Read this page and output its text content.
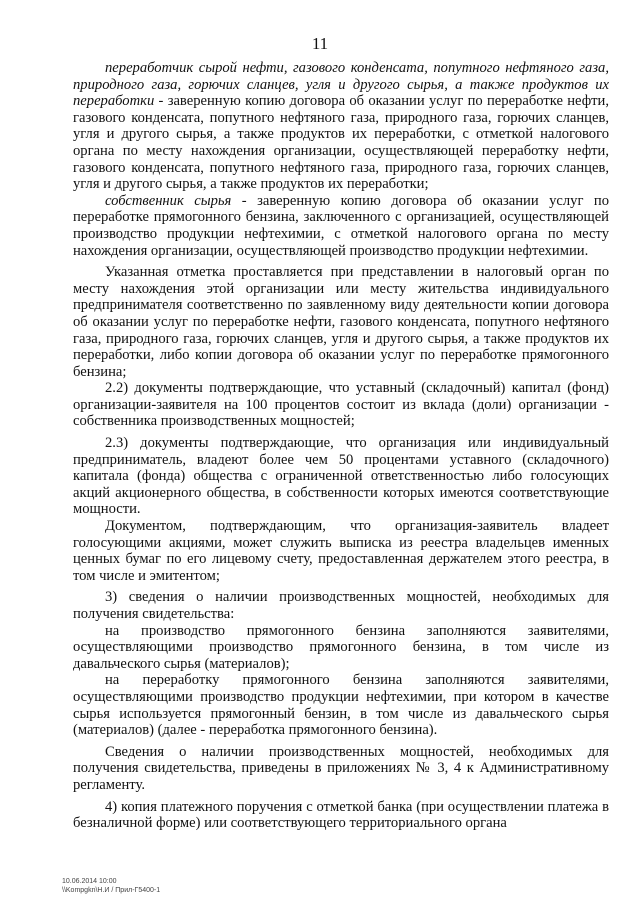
11

переработчик сырой нефти, газового конденсата, попутного нефтяного газа, природного газа, горючих сланцев, угля и другого сырья, а также продуктов их переработки - заверенную копию договора об оказании услуг по переработке нефти, газового конденсата, попутного нефтяного газа, природного газа, горючих сланцев, угля и другого сырья, а также продуктов их переработки, с отметкой налогового органа по месту нахождения организации, осуществляющей переработку нефти, газового конденсата, попутного нефтяного газа, природного газа, горючих сланцев, угля и другого сырья, а также продуктов их переработки;

собственник сырья - заверенную копию договора об оказании услуг по переработке прямогонного бензина, заключенного с организацией, осуществляющей производство продукции нефтехимии, с отметкой налогового органа по месту нахождения организации, осуществляющей производство продукции нефтехимии.

Указанная отметка проставляется при представлении в налоговый орган по месту нахождения этой организации или месту жительства индивидуального предпринимателя соответственно по заявленному виду деятельности копии договора об оказании услуг по переработке нефти, газового конденсата, попутного нефтяного газа, природного газа, горючих сланцев, угля и другого сырья, а также продуктов их переработки, либо копии договора об оказании услуг по переработке прямогонного бензина;

2.2) документы подтверждающие, что уставный (складочный) капитал (фонд) организации-заявителя на 100 процентов состоит из вклада (доли) организации - собственника производственных мощностей;

2.3) документы подтверждающие, что организация или индивидуальный предприниматель, владеют более чем 50 процентами уставного (складочного) капитала (фонда) общества с ограниченной ответственностью либо голосующих акций акционерного общества, в собственности которых имеются соответствующие мощности.

Документом, подтверждающим, что организация-заявитель владеет голосующими акциями, может служить выписка из реестра владельцев именных ценных бумаг по его лицевому счету, предоставленная держателем этого реестра, в том числе и эмитентом;

3) сведения о наличии производственных мощностей, необходимых для получения свидетельства:

на производство прямогонного бензина заполняются заявителями, осуществляющими производство прямогонного бензина, в том числе из давальческого сырья (материалов);

на переработку прямогонного бензина заполняются заявителями, осуществляющими производство продукции нефтехимии, при котором в качестве сырья используется прямогонный бензин, в том числе из давальческого сырья (материалов) (далее - переработка прямогонного бензина).

Сведения о наличии производственных мощностей, необходимых для получения свидетельства, приведены в приложениях № 3, 4 к Административному регламенту.

4) копия платежного поручения с отметкой банка (при осуществлении платежа в безналичной форме) или соответствующего территориального органа

10.06.2014 10:00
\\Kompgkn\Н.И / Прил-Г5400-1
